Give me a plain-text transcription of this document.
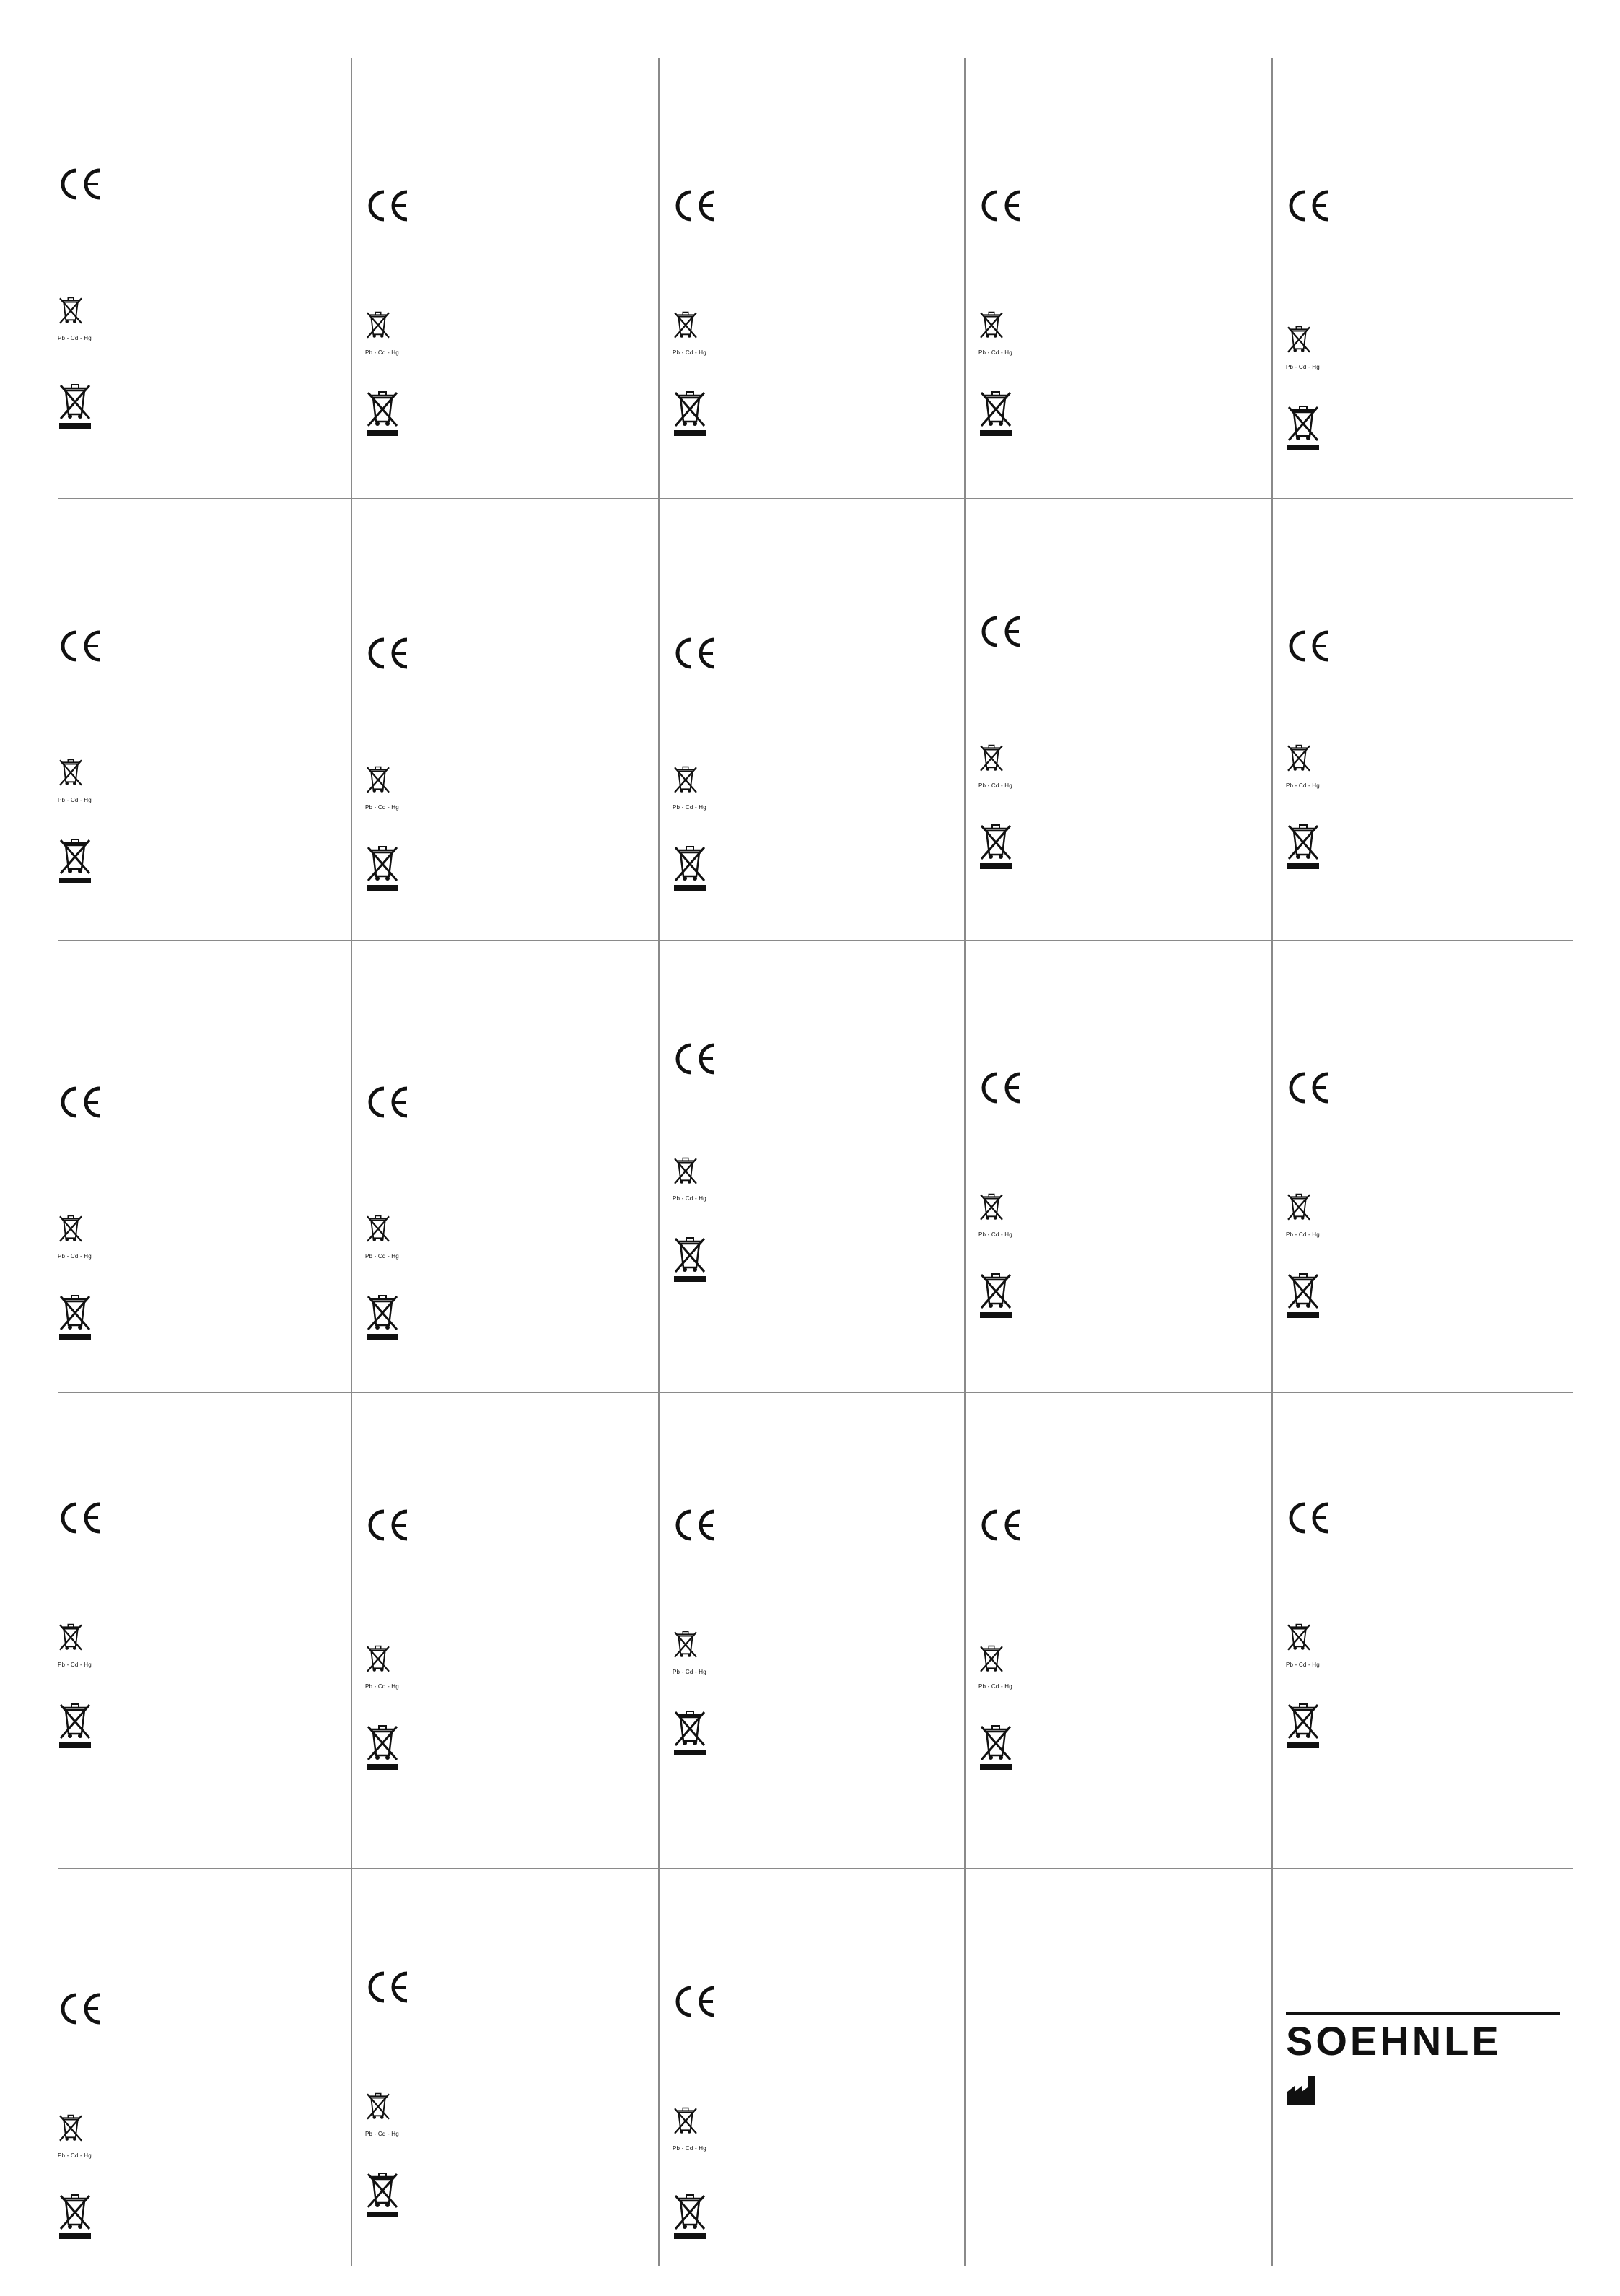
Pb - Cd - Hg
Pb - Cd - Hg	Pb - Cd - Hg	Pb - Cd - Hg
Pb - Cd - Hg
Pb - Cd - Hg
Pb - Cd - Hg	Pb - Cd - Hg
Pb - Cd - Hg	Pb - Cd - Hg
Pb - Cd - Hg	Pb - Cd - Hg
Pb - Cd - Hg
Pb - Cd - Hg	Pb - Cd - Hg
Pb - Cd - Hg
Pb - Cd - Hg
Pb - Cd - Hg
Pb - Cd - Hg
Pb - Cd - Hg
Pb - Cd - Hg
Pb - Cd - Hg
Pb - Cd - Hg
SOEHNLE
